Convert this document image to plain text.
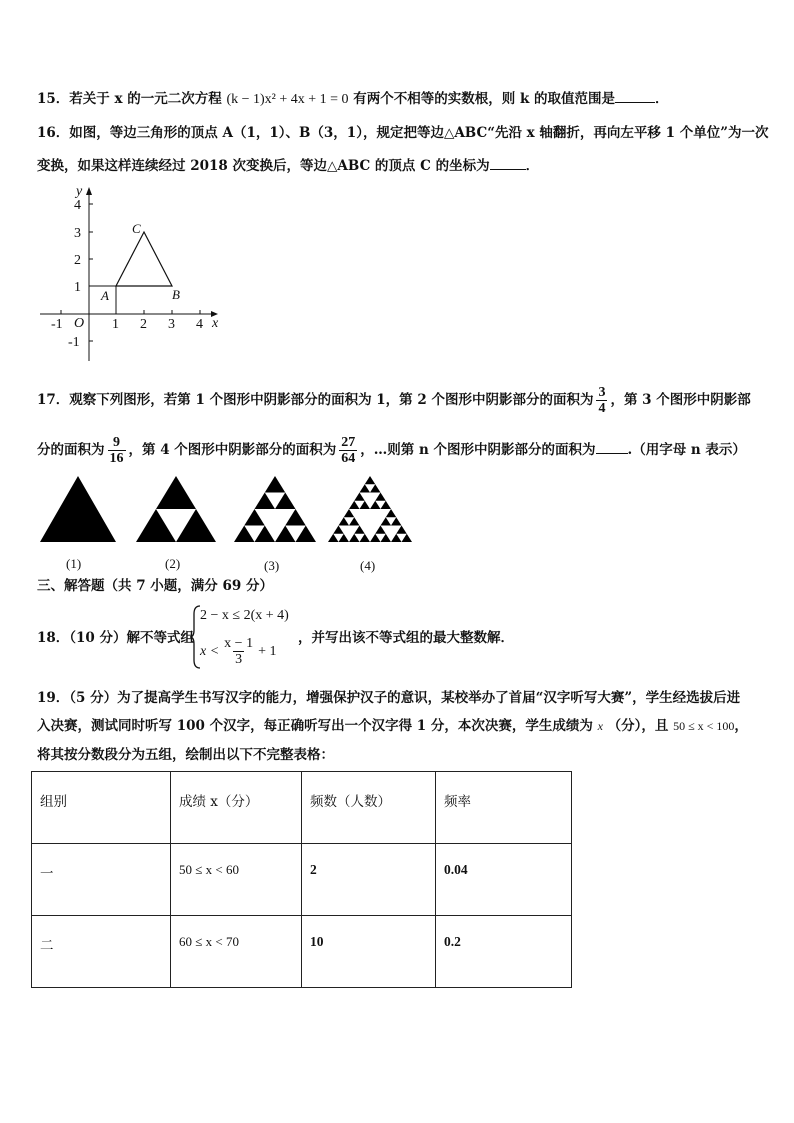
15．若关于 x 的一元二次方程 (k − 1)x² + 4x + 1 = 0 有两个不相等的实数根，则 k 的取值范围是	．
16．如图，等边三角形的顶点 A（1，1）、B（3，1），规定把等边△ABC“先沿 x 轴翻折，再向左平移 1 个单位”为一次
变换，如果这样连续经过 2018 次变换后，等边△ABC 的顶点 C 的坐标为	．
4
3
2
1
-1
-1	1 2 3 4
O
y
x
A	B
C
17．观察下列图形，若第 1 个图形中阴影部分的面积为 1，第 2 个图形中阴影部分的面积为 $\frac{3}{4}$ ，第 3 个图形中阴影部
分的面积为 $\frac{9}{16}$ ，第 4 个图形中阴影部分的面积为 $\frac{27}{64}$ ，…则第 n 个图形中阴影部分的面积为 .（用字母 n 表示）
(1)	(2)	(3)	(4)
三、解答题（共 7 小题，满分 69 分）
18．（10 分）解不等式组
2 − x ≤ 2(x + 4)
$x < \frac{x - 1}{3} + 1$
，并写出该不等式组的最大整数解．
19．（5 分）为了提高学生书写汉字的能力，增强保护汉子的意识，某校举办了首届“汉字听写大赛”，学生经选拔后进
入决赛，测试同时听写 100 个汉字，每正确听写出一个汉字得 1 分，本次决赛，学生成绩为 x （分），且 50 ≤ x < 100，
将其按分数段分为五组，绘制出以下不完整表格：
组别	成绩 x（分）	频数（人数）	频率
一	50 ≤ x < 60	2	0.04
二	60 ≤ x < 70	10	0.2
